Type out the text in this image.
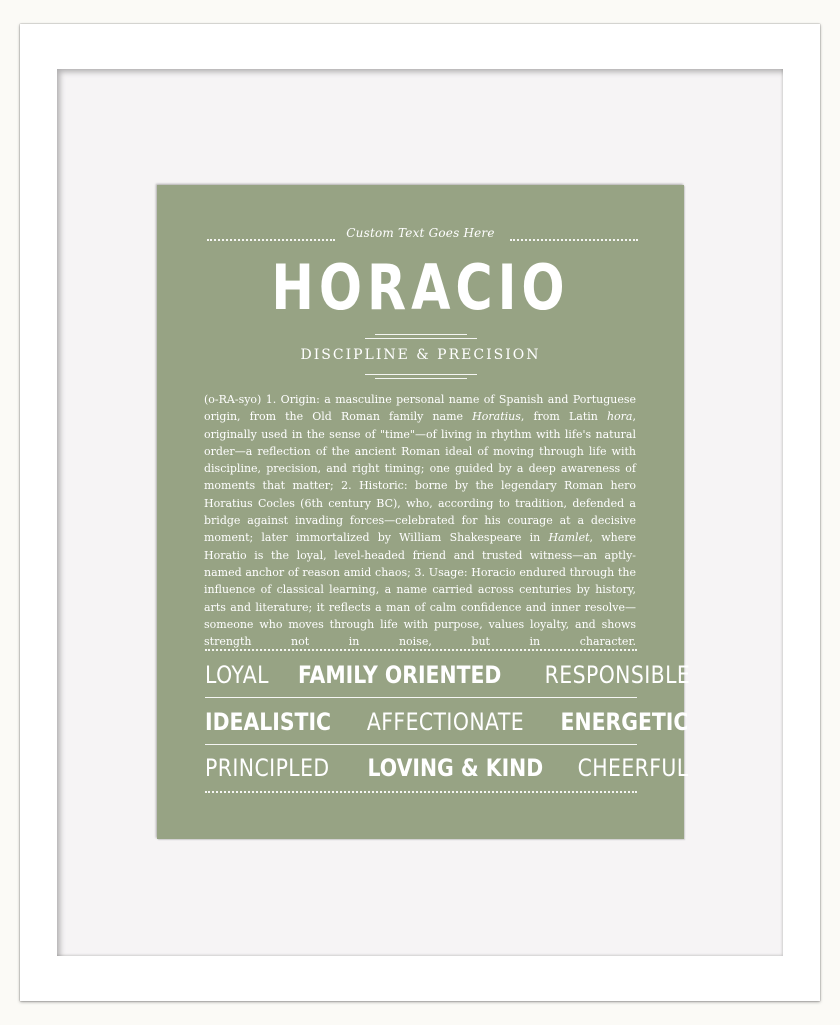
Custom Text Goes Here
HORACIO
DISCIPLINE & PRECISION
(o-RA-syo) 1. Origin: a masculine personal name of Spanish and Portuguese origin, from the Old Roman family name Horatius, from Latin hora, originally used in the sense of "time"—of living in rhythm with life's natural order—a reflection of the ancient Roman ideal of moving through life with discipline, precision, and right timing; one guided by a deep awareness of moments that matter; 2. Historic: borne by the legendary Roman hero Horatius Cocles (6th century BC), who, according to tradition, defended a bridge against invading forces—celebrated for his courage at a decisive moment; later immortalized by William Shakespeare in Hamlet, where Horatio is the loyal, level-headed friend and trusted witness—an aptly-named anchor of reason amid chaos; 3. Usage: Horacio endured through the influence of classical learning, a name carried across centuries by history, arts and literature; it reflects a man of calm confidence and inner resolve—someone who moves through life with purpose, values loyalty, and shows strength not in noise, but in character.
LOYAL FAMILY ORIENTED RESPONSIBLE
IDEALISTIC AFFECTIONATE ENERGETIC
PRINCIPLED LOVING & KIND CHEERFUL
